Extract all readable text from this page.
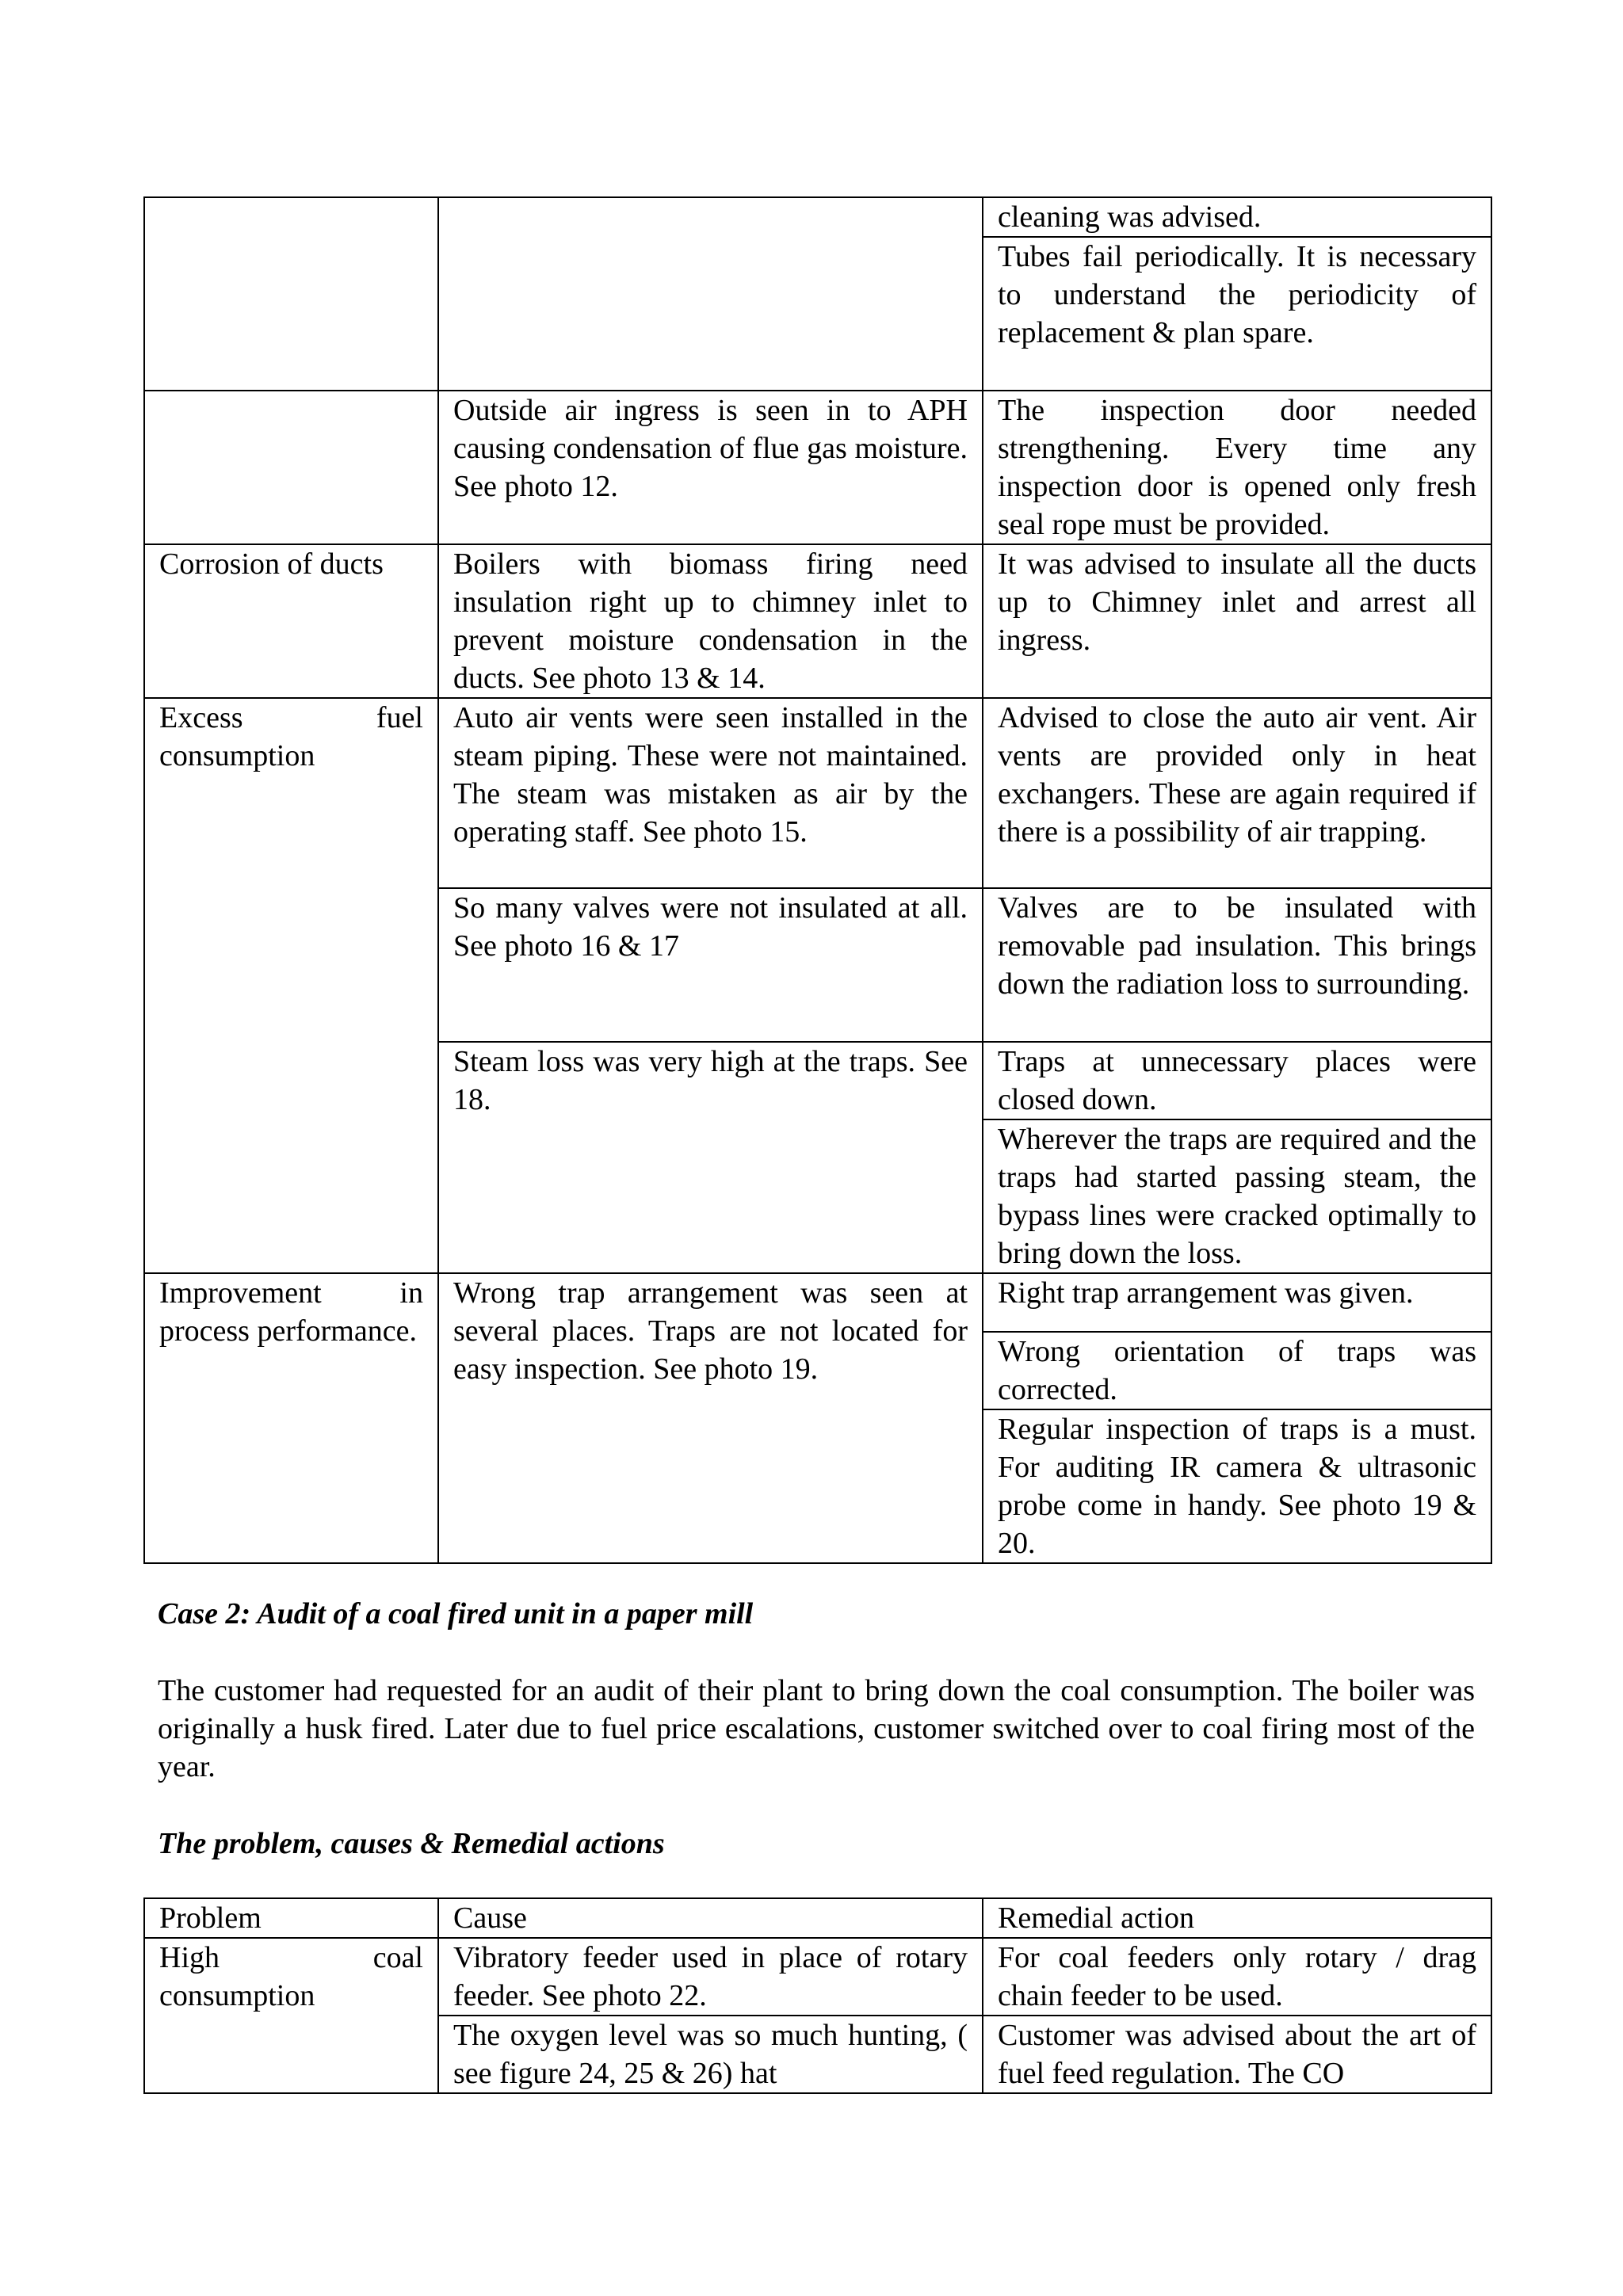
		cleaning was advised.
		Tubes fail periodically. It is necessary to understand the periodicity of replacement & plan spare.
	Outside air ingress is seen in to APH causing condensation of flue gas moisture. See photo 12.	The inspection door needed strengthening. Every time any inspection door is opened only fresh seal rope must be provided.
Corrosion of ducts	Boilers with biomass firing need insulation right up to chimney inlet to prevent moisture condensation in the ducts. See photo 13 & 14.	It was advised to insulate all the ducts up to Chimney inlet and arrest all ingress.
Excess fuel consumption	Auto air vents were seen installed in the steam piping. These were not maintained. The steam was mistaken as air by the operating staff. See photo 15.	Advised to close the auto air vent. Air vents are provided only in heat exchangers. These are again required if there is a possibility of air trapping.
	So many valves were not insulated at all. See photo 16 & 17	Valves are to be insulated with removable pad insulation. This brings down the radiation loss to surrounding.
	Steam loss was very high at the traps. See 18.	Traps at unnecessary places were closed down.
		Wherever the traps are required and the traps had started passing steam, the bypass lines were cracked optimally to bring down the loss.
Improvement in process performance.	Wrong trap arrangement was seen at several places. Traps are not located for easy inspection. See photo 19.	Right trap arrangement was given.
		Wrong orientation of traps was corrected.
		Regular inspection of traps is a must. For auditing IR camera & ultrasonic probe come in handy. See photo 19 & 20.
Case 2: Audit of a coal fired unit in a paper mill
The customer had requested for an audit of their plant to bring down the coal consumption. The boiler was originally a husk fired. Later due to fuel price escalations, customer switched over to coal firing most of the year.
The problem, causes & Remedial actions
Problem	Cause	Remedial action
High coal consumption	Vibratory feeder used in place of rotary feeder. See photo 22.	For coal feeders only rotary / drag chain feeder to be used.
	The oxygen level was so much hunting, ( see figure 24, 25 & 26) hat	Customer was advised about the art of fuel feed regulation. The CO
